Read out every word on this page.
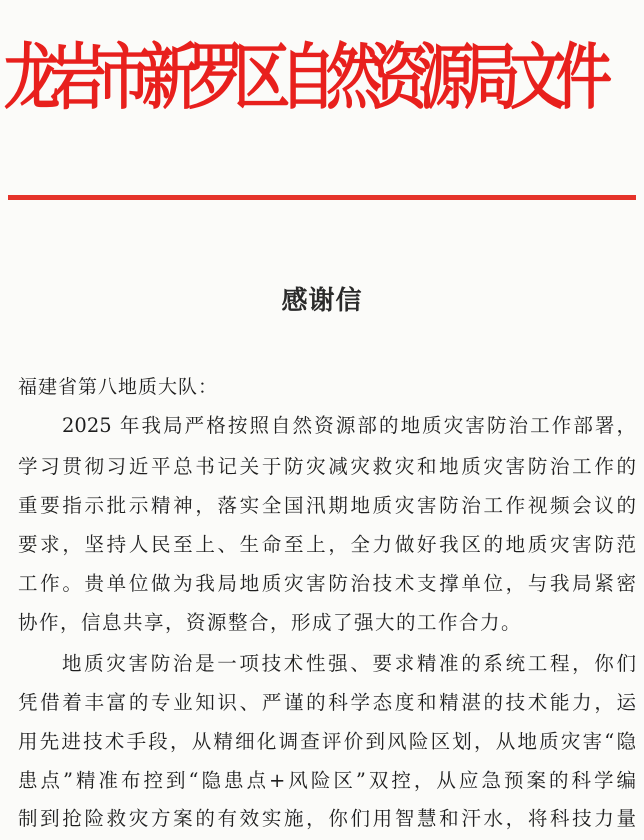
龙岩市新罗区自然资源局文件
感谢信
福建省第八地质大队：
2025 年我局严格按照自然资源部的地质灾害防治工作部署，
学习贯彻习近平总书记关于防灾减灾救灾和地质灾害防治工作的
重要指示批示精神，落实全国汛期地质灾害防治工作视频会议的
要求，坚持人民至上、生命至上，全力做好我区的地质灾害防范
工作。贵单位做为我局地质灾害防治技术支撑单位，与我局紧密
协作，信息共享，资源整合，形成了强大的工作合力。
地质灾害防治是一项技术性强、要求精准的系统工程，你们
凭借着丰富的专业知识、严谨的科学态度和精湛的技术能力，运
用先进技术手段，从精细化调查评价到风险区划，从地质灾害“隐
患点”精准布控到“隐患点+风险区”双控，从应急预案的科学编
制到抢险救灾方案的有效实施，你们用智慧和汗水，将科技力量
